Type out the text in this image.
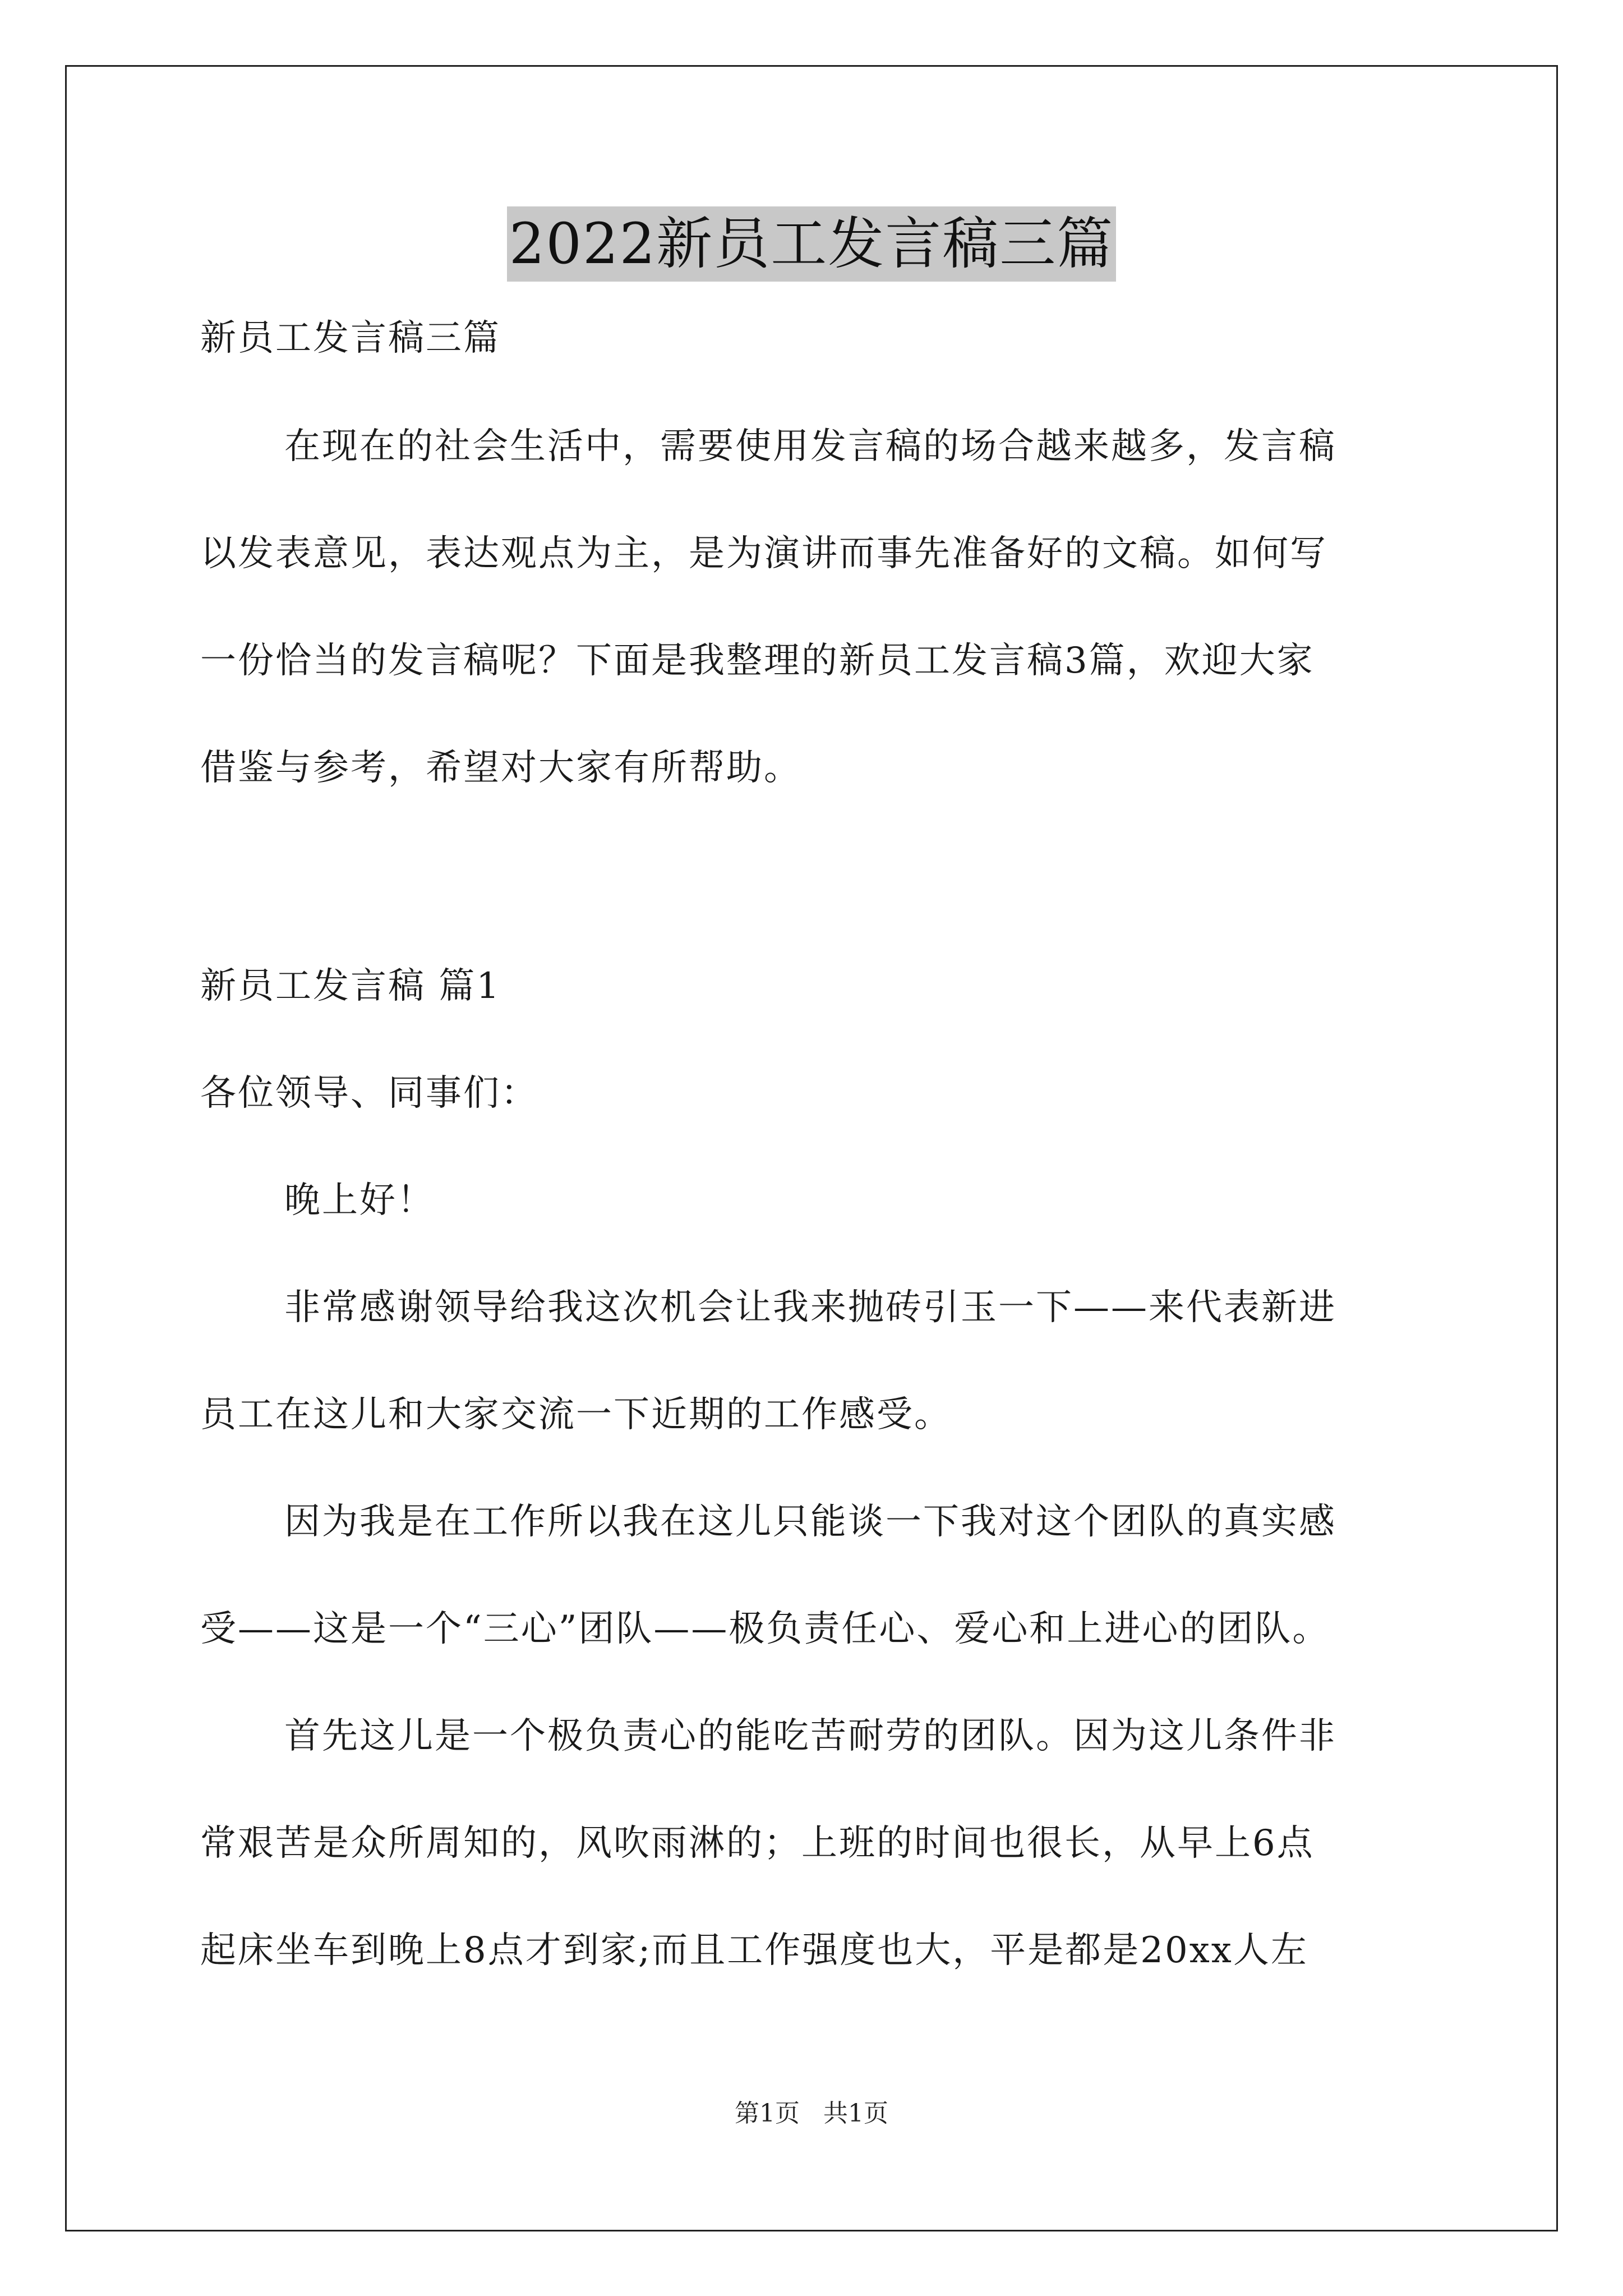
2022新员工发言稿三篇

新员工发言稿三篇

在现在的社会生活中，需要使用发言稿的场合越来越多，发言稿

以发表意见，表达观点为主，是为演讲而事先准备好的文稿。如何写

一份恰当的发言稿呢？下面是我整理的新员工发言稿3篇，欢迎大家

借鉴与参考，希望对大家有所帮助。

新员工发言稿 篇1

各位领导、同事们：

晚上好！

非常感谢领导给我这次机会让我来抛砖引玉一下——来代表新进

员工在这儿和大家交流一下近期的工作感受。

因为我是在工作所以我在这儿只能谈一下我对这个团队的真实感

受——这是一个“三心”团队——极负责任心、爱心和上进心的团队。

首先这儿是一个极负责心的能吃苦耐劳的团队。因为这儿条件非

常艰苦是众所周知的，风吹雨淋的；上班的时间也很长，从早上6点

起床坐车到晚上8点才到家;而且工作强度也大，平是都是20xx人左

第1页 共1页
